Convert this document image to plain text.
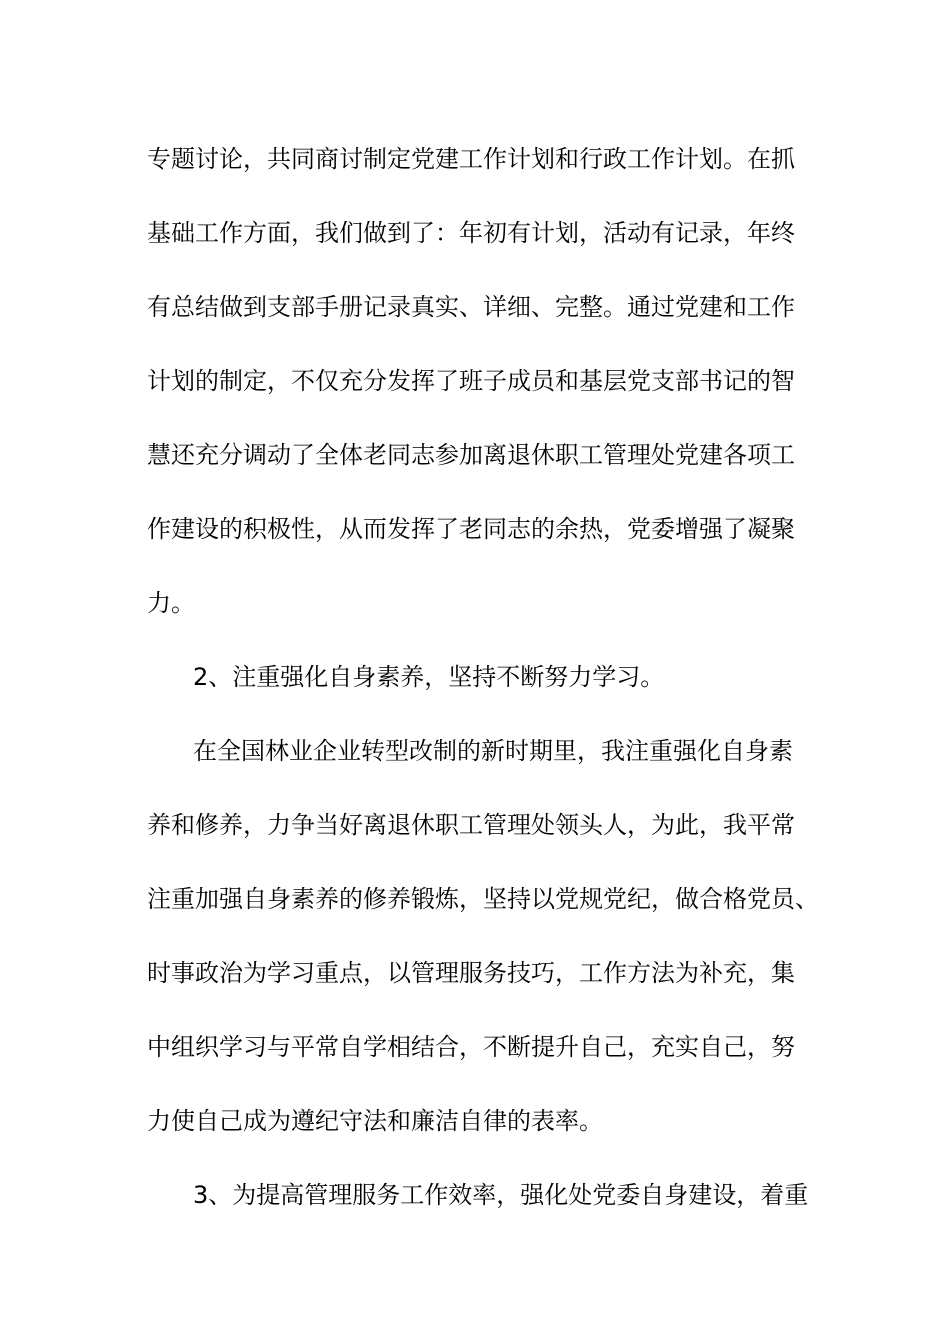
专题讨论，共同商讨制定党建工作计划和行政工作计划。在抓

基础工作方面，我们做到了：年初有计划，活动有记录，年终

有总结做到支部手册记录真实、详细、完整。通过党建和工作

计划的制定，不仅充分发挥了班子成员和基层党支部书记的智

慧还充分调动了全体老同志参加离退休职工管理处党建各项工

作建设的积极性，从而发挥了老同志的余热，党委增强了凝聚

力。

2、注重强化自身素养，坚持不断努力学习。

在全国林业企业转型改制的新时期里，我注重强化自身素

养和修养，力争当好离退休职工管理处领头人，为此，我平常

注重加强自身素养的修养锻炼，坚持以党规党纪，做合格党员、

时事政治为学习重点，以管理服务技巧，工作方法为补充，集

中组织学习与平常自学相结合，不断提升自己，充实自己，努

力使自己成为遵纪守法和廉洁自律的表率。

3、为提高管理服务工作效率，强化处党委自身建设，着重
